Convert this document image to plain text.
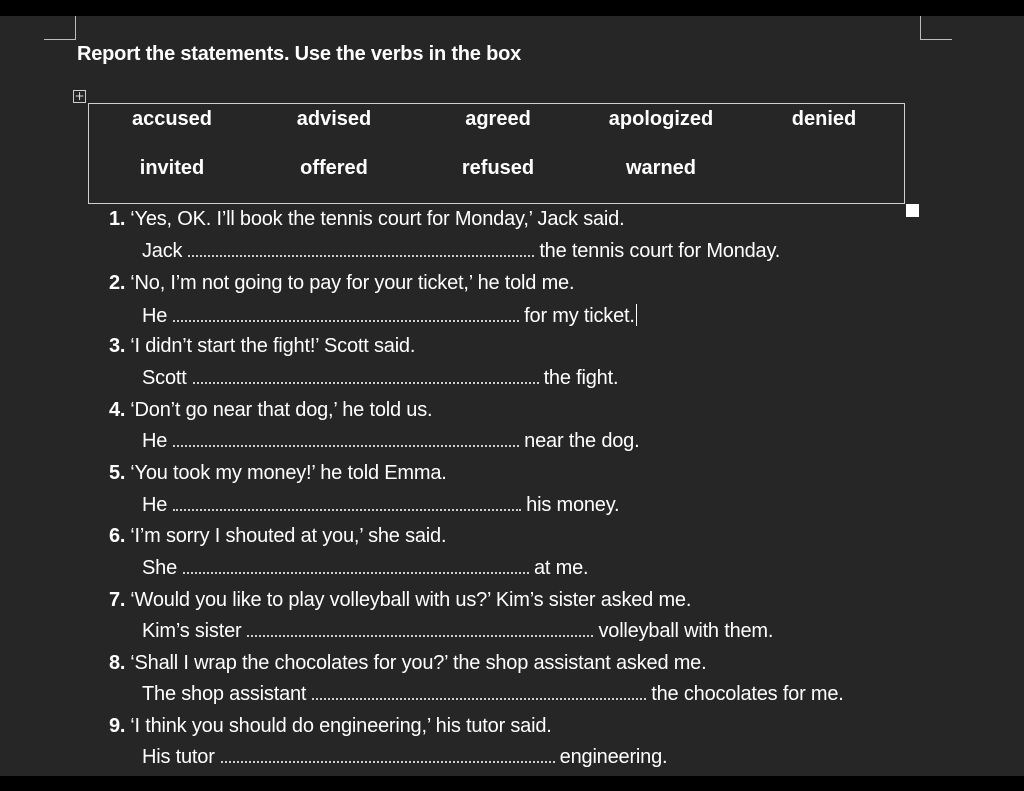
Report the statements. Use the verbs in the box
+
accused	advised	agreed	apologized	denied
invited	offered	refused	warned
1. ‘Yes, OK. I’ll book the tennis court for Monday,’ Jack said.
Jack	the tennis court for Monday.
2. ‘No, I’m not going to pay for your ticket,’ he told me.
He	for my ticket.
3. ‘I didn’t start the fight!’ Scott said.
Scott	the fight.
4. ‘Don’t go near that dog,’ he told us.
He	near the dog.
5. ‘You took my money!’ he told Emma.
He	his money.
6. ‘I’m sorry I shouted at you,’ she said.
She	at me.
7. ‘Would you like to play volleyball with us?’ Kim’s sister asked me.
Kim’s sister	volleyball with them.
8. ‘Shall I wrap the chocolates for you?’ the shop assistant asked me.
The shop assistant	the chocolates for me.
9. ‘I think you should do engineering,’ his tutor said.
His tutor	engineering.
